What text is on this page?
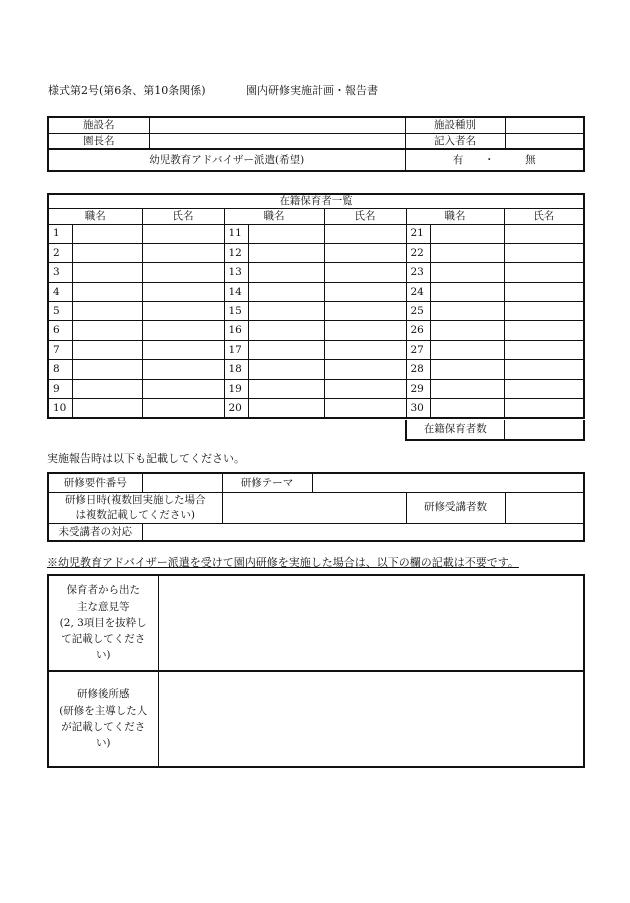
様式第2号(第6条、第10条関係)	園内研修実施計画・報告書
施設名		施設種別	
園長名		記入者名	
幼児教育アドバイザー派遣(希望)		有 ・ 無	
在籍保育者一覧								
職名		氏名	職名		氏名	職名		氏名
1			11			21		
2			12			22		
3			13			23		
4			14			24		
5			15			25		
6			16			26		
7			17			27		
8			18			28		
9			19			29		
10			20			30		
在籍保育者数	
実施報告時は以下も記載してください。
研修要件番号		研修テーマ			

研修日時(複数回実施した場合
は複数記載してください)				研修受講者数	
未受講者の対応					
※幼児教育アドバイザー派遣を受けて園内研修を実施した場合は、以下の欄の記載は不要です。
保育者から出た
主な意見等
(2, 3項目を抜粋し
て記載してくださ
い)	

研修後所感
(研修を主導した人
が記載してくださ
い)	
